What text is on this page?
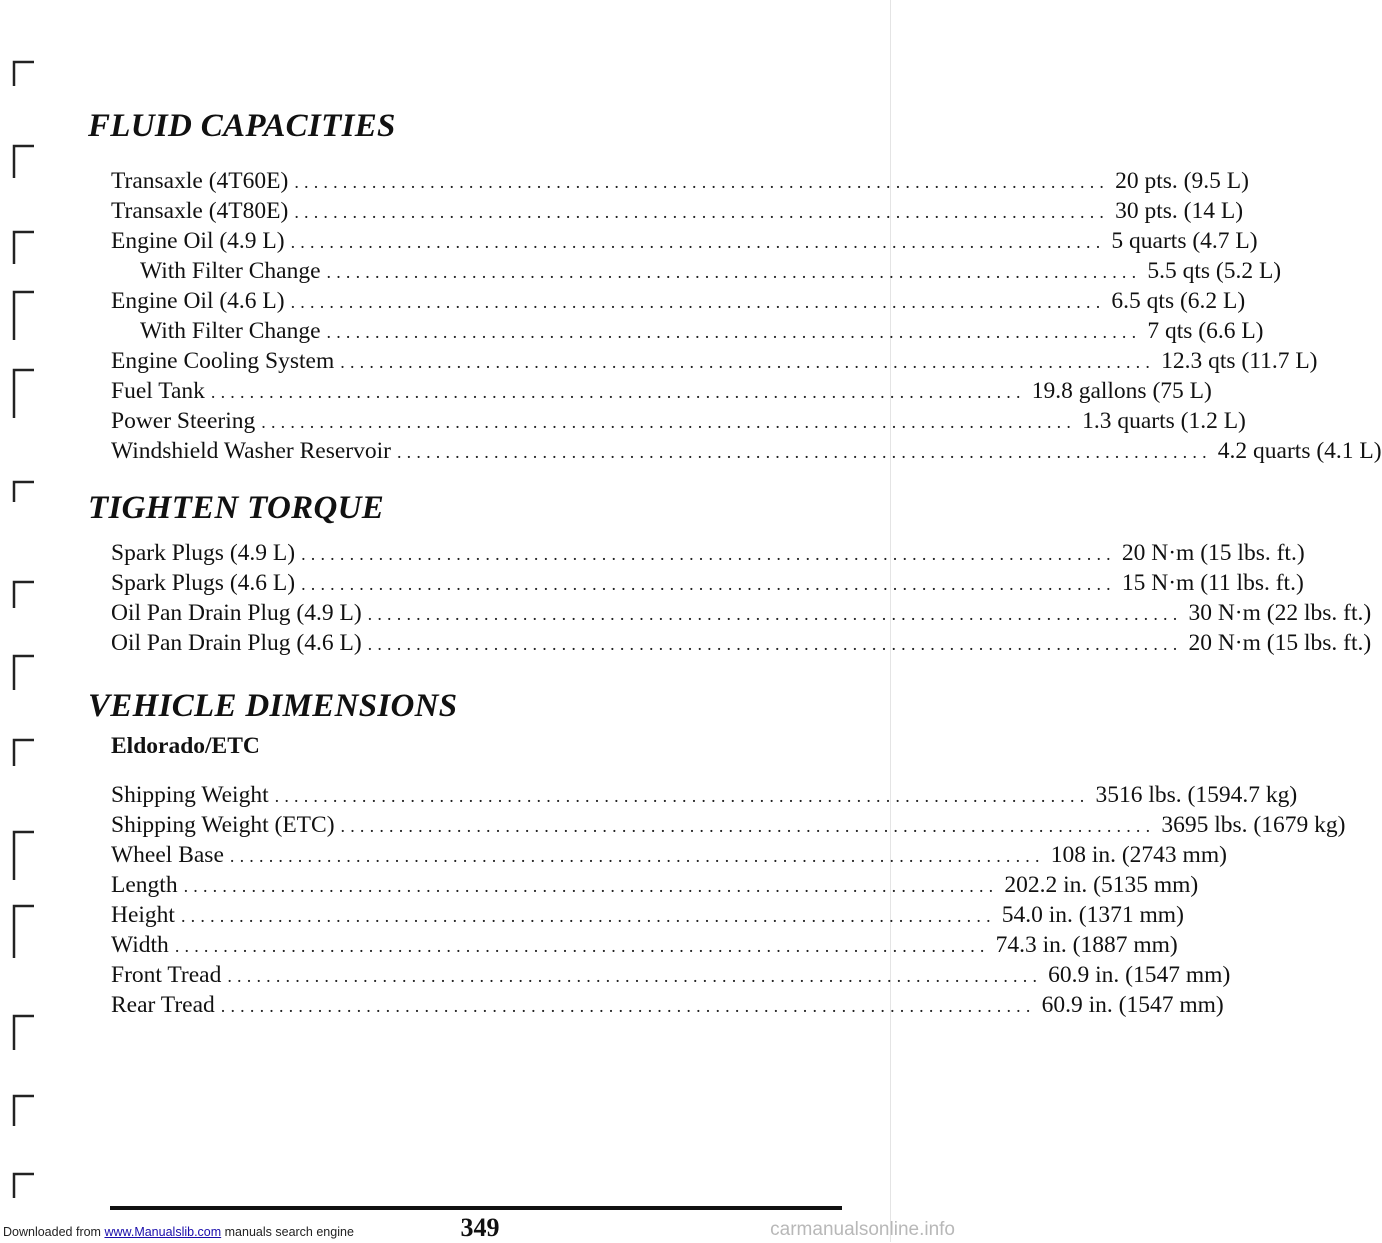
FLUID CAPACITIES
Transaxle (4T60E) .................................................................................... 20 pts. (9.5 L)
Transaxle (4T80E) .................................................................................... 30 pts. (14 L)
Engine Oil (4.9 L) .................................................................................... 5 quarts (4.7 L)
With Filter Change .................................................................................... 5.5 qts (5.2 L)
Engine Oil (4.6 L) .................................................................................... 6.5 qts (6.2 L)
With Filter Change .................................................................................... 7 qts (6.6 L)
Engine Cooling System .................................................................................... 12.3 qts (11.7 L)
Fuel Tank .................................................................................... 19.8 gallons (75 L)
Power Steering .................................................................................... 1.3 quarts (1.2 L)
Windshield Washer Reservoir .................................................................................... 4.2 quarts (4.1 L)
TIGHTEN TORQUE
Spark Plugs (4.9 L) .................................................................................... 20 N·m (15 lbs. ft.)
Spark Plugs (4.6 L) .................................................................................... 15 N·m (11 lbs. ft.)
Oil Pan Drain Plug (4.9 L) .................................................................................... 30 N·m (22 lbs. ft.)
Oil Pan Drain Plug (4.6 L) .................................................................................... 20 N·m (15 lbs. ft.)
VEHICLE DIMENSIONS
Eldorado/ETC
Shipping Weight .................................................................................... 3516 lbs. (1594.7 kg)
Shipping Weight (ETC) .................................................................................... 3695 lbs. (1679 kg)
Wheel Base .................................................................................... 108 in. (2743 mm)
Length .................................................................................... 202.2 in. (5135 mm)
Height .................................................................................... 54.0 in. (1371 mm)
Width .................................................................................... 74.3 in. (1887 mm)
Front Tread .................................................................................... 60.9 in. (1547 mm)
Rear Tread .................................................................................... 60.9 in. (1547 mm)
349
Downloaded from www.Manualslib.com manuals search engine	carmanualsonline.info
